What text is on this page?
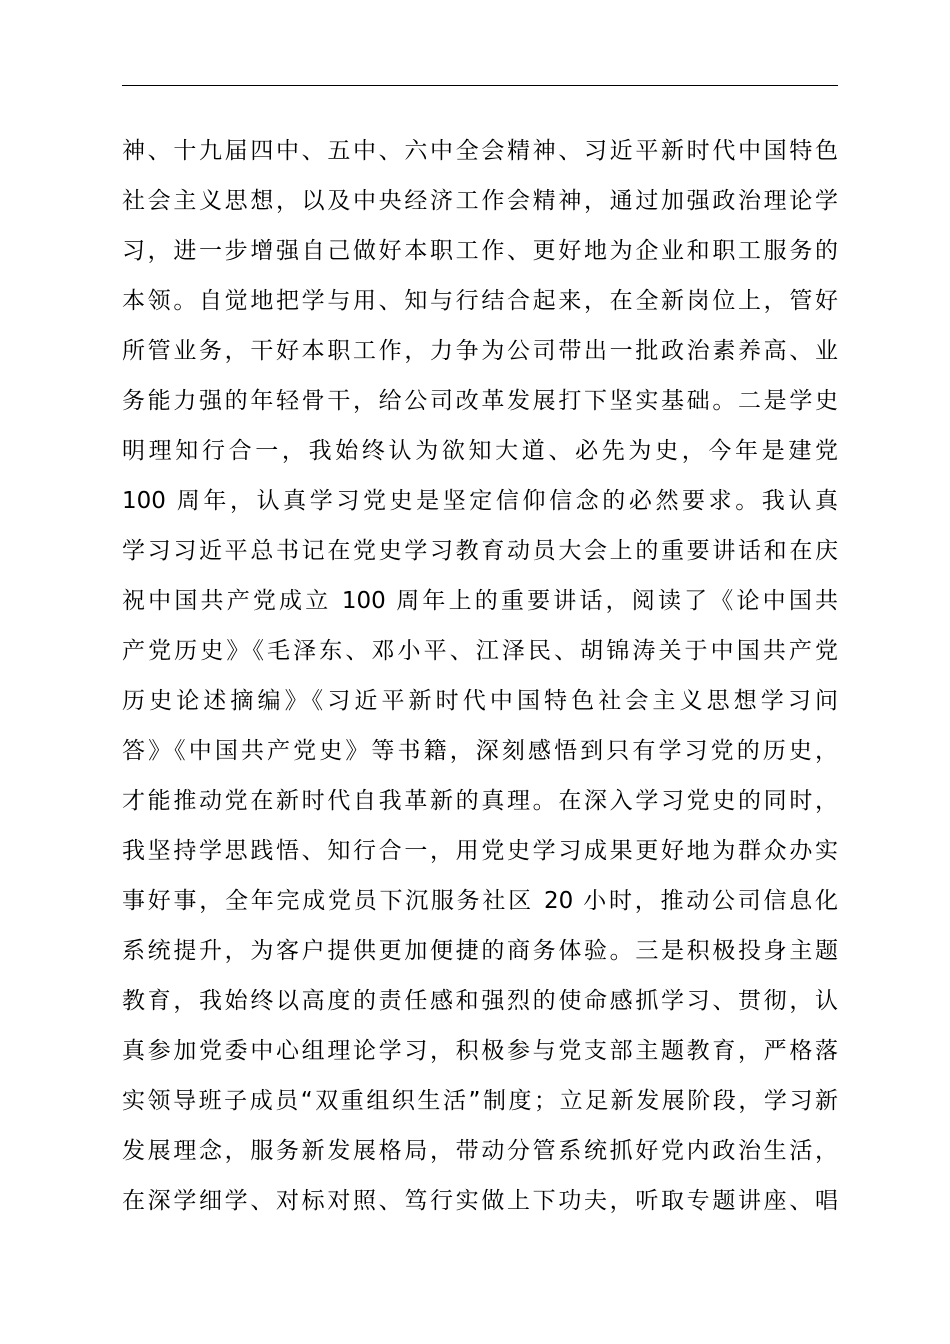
神、十九届四中、五中、六中全会精神、习近平新时代中国特色
社会主义思想，以及中央经济工作会精神，通过加强政治理论学
习，进一步增强自己做好本职工作、更好地为企业和职工服务的
本领。自觉地把学与用、知与行结合起来，在全新岗位上，管好
所管业务，干好本职工作，力争为公司带出一批政治素养高、业
务能力强的年轻骨干，给公司改革发展打下坚实基础。二是学史
明理知行合一，我始终认为欲知大道、必先为史，今年是建党
100 周年，认真学习党史是坚定信仰信念的必然要求。我认真
学习习近平总书记在党史学习教育动员大会上的重要讲话和在庆
祝中国共产党成立 100 周年上的重要讲话，阅读了《论中国共
产党历史》《毛泽东、邓小平、江泽民、胡锦涛关于中国共产党
历史论述摘编》《习近平新时代中国特色社会主义思想学习问
答》《中国共产党史》等书籍，深刻感悟到只有学习党的历史，
才能推动党在新时代自我革新的真理。在深入学习党史的同时，
我坚持学思践悟、知行合一，用党史学习成果更好地为群众办实
事好事，全年完成党员下沉服务社区 20 小时，推动公司信息化
系统提升，为客户提供更加便捷的商务体验。三是积极投身主题
教育，我始终以高度的责任感和强烈的使命感抓学习、贯彻，认
真参加党委中心组理论学习，积极参与党支部主题教育，严格落
实领导班子成员“双重组织生活”制度；立足新发展阶段，学习新
发展理念，服务新发展格局，带动分管系统抓好党内政治生活，
在深学细学、对标对照、笃行实做上下功夫，听取专题讲座、唱
